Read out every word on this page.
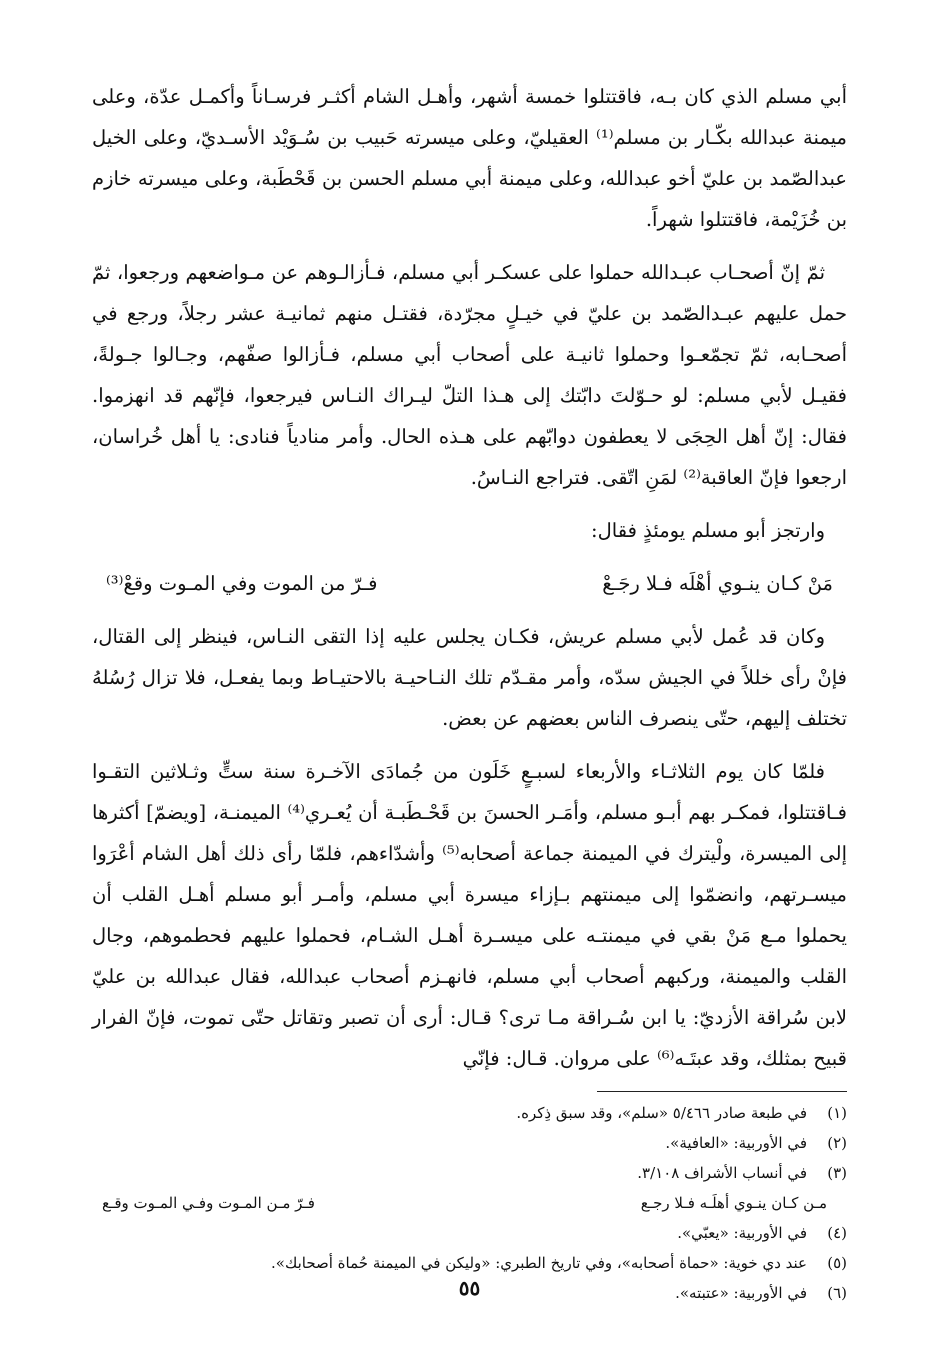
أبي مسلم الذي كان بـه، فاقتتلوا خمسة أشهر، وأهـل الشام أكثـر فرسـاناً وأكمـل عدّة، وعلى ميمنة عبدالله بكّـار بن مسلم⁽¹⁾ العقيليّ، وعلى ميسرته حَبيب بن سُـوَيْد الأسـديّ، وعلى الخيل عبدالصّمد بن عليّ أخو عبدالله، وعلى ميمنة أبي مسلم الحسن بن قَحْطَبة، وعلى ميسرته خازم بن خُزَيْمة، فاقتتلوا شهراً.

ثمّ إنّ أصحـاب عبـدالله حملوا على عسكـر أبي مسلم، فـأزالـوهم عن مـواضعهم ورجعوا، ثمّ حمل عليهم عبـدالصّمد بن عليّ في خيـلٍ مجرّدة، فقتـل منهم ثمانيـة عشر رجلاً، ورجع في أصحـابه، ثمّ تجمّعـوا وحملوا ثانيـة على أصحاب أبي مسلم، فـأزالوا صفّهم، وجـالوا جـولةً، فقيـل لأبي مسلم: لو حـوّلتَ دابّتك إلى هـذا التلّ ليـراك النـاس فيرجعوا، فإنّهم قد انهزموا. فقال: إنّ أهل الحِجَى لا يعطفون دوابّهم على هـذه الحال. وأمر منادياً فنادى: يا أهل خُراسان، ارجعوا فإنّ العاقبة⁽²⁾ لمَنِ اتّقى. فتراجع النـاسُ.

وارتجز أبو مسلم يومئذٍ فقال:

مَنْ كـان ينـوي أهْلَه فـلا رجَـعْ
فـرّ من الموت وفي المـوت وقعْ⁽³⁾

وكان قد عُمل لأبي مسلم عريش، فكـان يجلس عليه إذا التقى النـاس، فينظر إلى القتال، فإنْ رأى خللاً في الجيش سدّه، وأمر مقـدّم تلك النـاحيـة بالاحتيـاط وبما يفعـل، فلا تزال رُسُلهُ تختلف إليهم، حتّى ينصرف الناس بعضهم عن بعض.

فلمّا كان يوم الثلاثـاء والأربعاء لسبـعٍ خَلَون من جُمادَى الآخـرة سنة ستٍّ وثـلاثين التقـوا فـاقتتلوا، فمكـر بهم أبـو مسلم، وأمَـر الحسنَ بن قَحْـطَبـة أن يُعـري⁽⁴⁾ الميمنـة، [ويضمّ] أكثرها إلى الميسرة، ولْيترك في الميمنة جماعة أصحابه⁽⁵⁾ وأشدّاءهم، فلمّا رأى ذلك أهل الشام أعْرَوا ميسـرتهم، وانضمّوا إلى ميمنتهم بـإزاء ميسرة أبي مسلم، وأمـر أبو مسلم أهـل القلب أن يحملوا مـع مَنْ بقي في ميمنتـه على ميسـرة أهـل الشـام، فحملوا عليهم فحطموهم، وجال القلب والميمنة، وركبهم أصحاب أبي مسلم، فانهـزم أصحاب عبدالله، فقال عبدالله بن عليّ لابن سُراقة الأزديّ: يا ابن سُـراقة مـا ترى؟ قـال: أرى أن تصبر وتقاتل حتّى تموت، فإنّ الفرار قبيح بمثلك، وقد عبتَـه⁽⁶⁾ على مروان. قـال: فإنّي

(١)
في طبعة صادر ٥/٤٦٦ «سلم»، وقد سبق ذِكره.
(٢)
في الأوربية: «العافية».
(٣)
في أنساب الأشراف ٣/١٠٨.
مـن كـان ينـوي أهلَـه فـلا رجـع
فـرّ مـن المـوت وفـي المـوت وقـع
(٤)
في الأوربية: «يعبّي».
(٥)
عند دي خوية: «حماة أصحابه»، وفي تاريخ الطبري: «وليكن في الميمنة حُماة أصحابك».
(٦)
في الأوربية: «عتبته».
٥٥
